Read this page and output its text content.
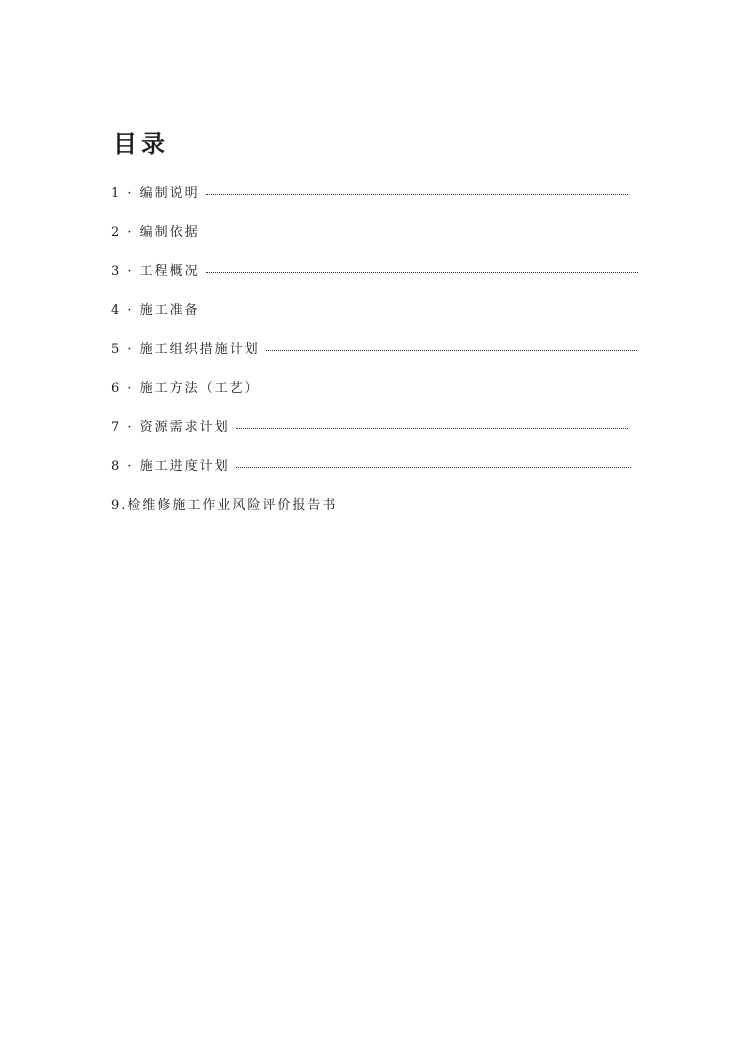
目录
1 · 编制说明
2 · 编制依据
3 · 工程概况
4 · 施工准备
5 · 施工组织措施计划
6 · 施工方法（工艺）
7 · 资源需求计划
8 · 施工进度计划
9.检维修施工作业风险评价报告书
